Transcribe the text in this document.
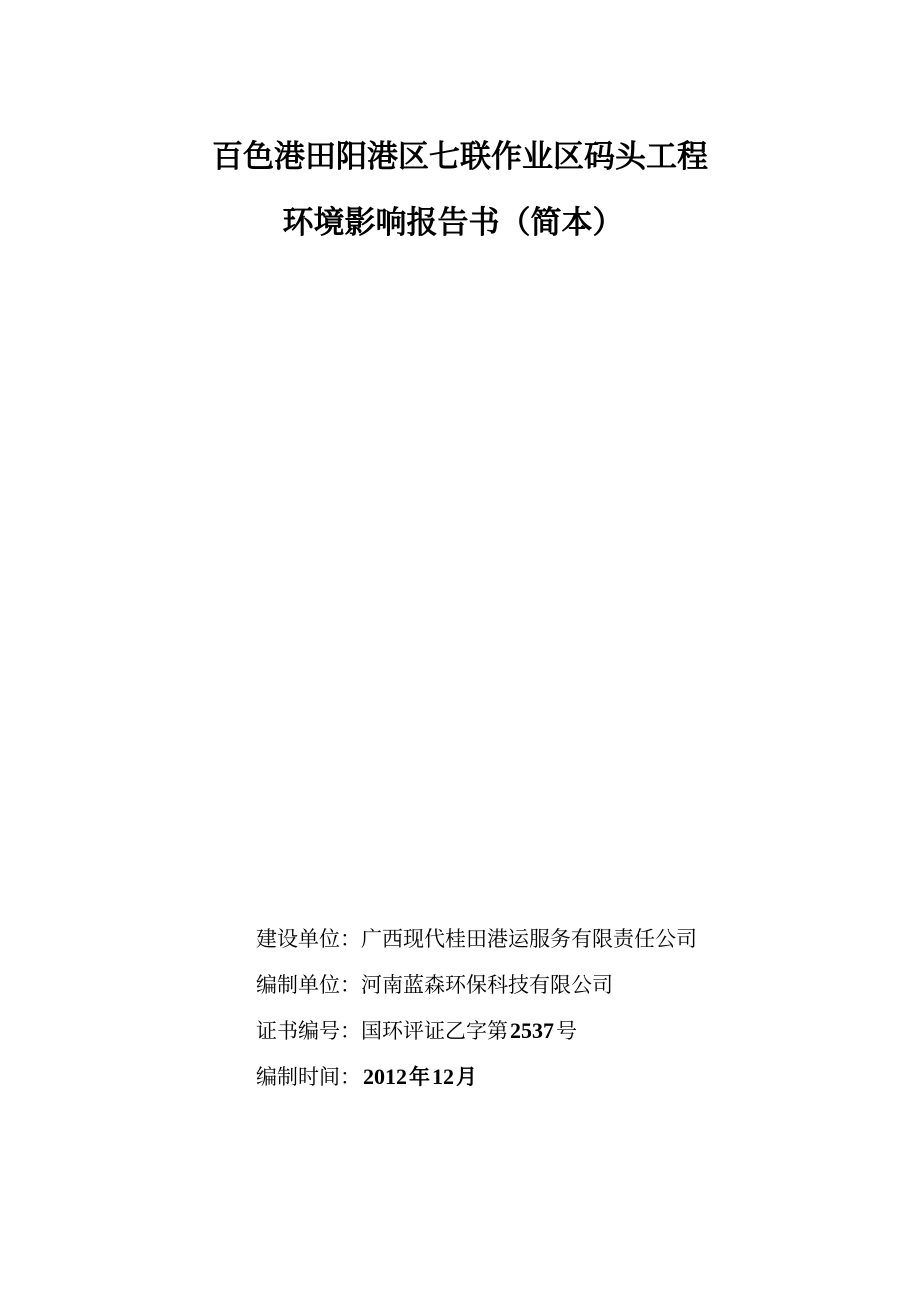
百色港田阳港区七联作业区码头工程
环境影响报告书（简本）
建设单位：广西现代桂田港运服务有限责任公司
编制单位：河南蓝森环保科技有限公司
证书编号：国环评证乙字第2537号
编制时间：2012年12月
